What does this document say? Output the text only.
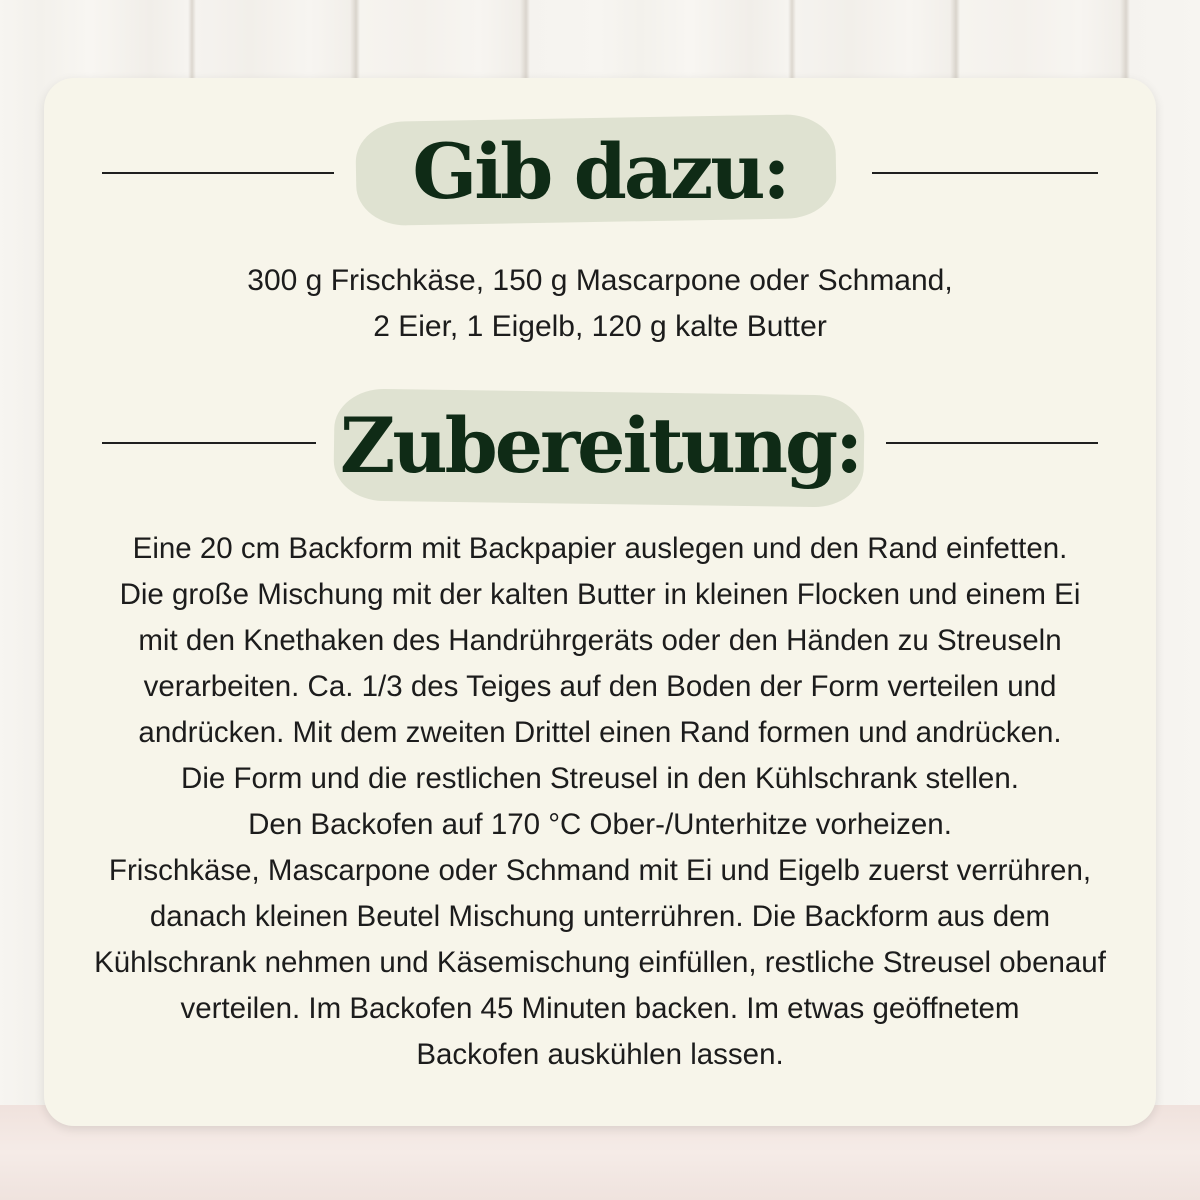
Gib dazu:
300 g Frischkäse, 150 g Mascarpone oder Schmand,
2 Eier, 1 Eigelb, 120 g kalte Butter
Zubereitung:
Eine 20 cm Backform mit Backpapier auslegen und den Rand einfetten.
Die große Mischung mit der kalten Butter in kleinen Flocken und einem Ei
mit den Knethaken des Handrührgeräts oder den Händen zu Streuseln
verarbeiten. Ca. 1/3 des Teiges auf den Boden der Form verteilen und
andrücken. Mit dem zweiten Drittel einen Rand formen und andrücken.
Die Form und die restlichen Streusel in den Kühlschrank stellen.
Den Backofen auf 170 °C Ober-/Unterhitze vorheizen.
Frischkäse, Mascarpone oder Schmand mit Ei und Eigelb zuerst verrühren,
danach kleinen Beutel Mischung unterrühren. Die Backform aus dem
Kühlschrank nehmen und Käsemischung einfüllen, restliche Streusel obenauf
verteilen. Im Backofen 45 Minuten backen. Im etwas geöffnetem
Backofen auskühlen lassen.
